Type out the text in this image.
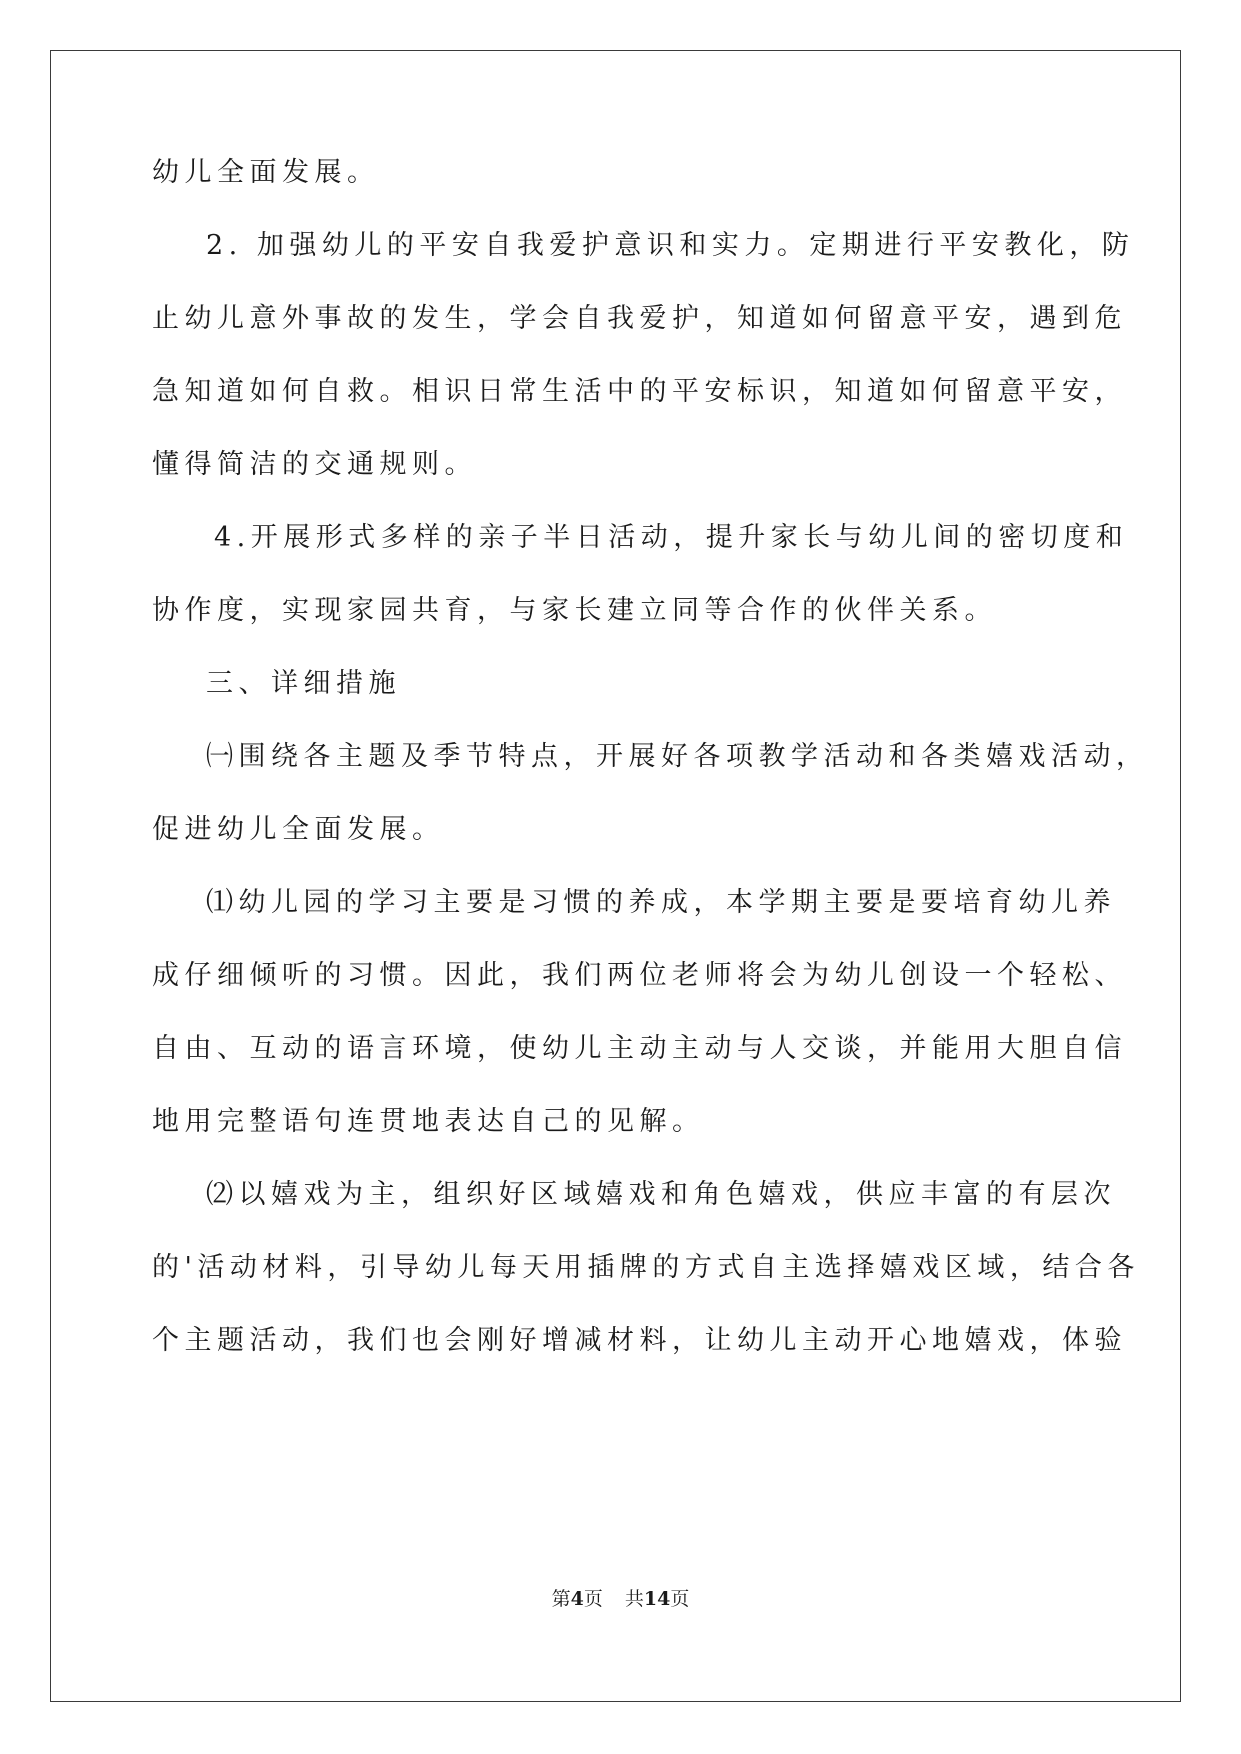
幼儿全面发展。
2. 加强幼儿的平安自我爱护意识和实力。定期进行平安教化，防
止幼儿意外事故的发生，学会自我爱护，知道如何留意平安，遇到危
急知道如何自救。相识日常生活中的平安标识，知道如何留意平安，
懂得简洁的交通规则。
4.开展形式多样的亲子半日活动，提升家长与幼儿间的密切度和
协作度，实现家园共育，与家长建立同等合作的伙伴关系。
三、详细措施
㈠围绕各主题及季节特点，开展好各项教学活动和各类嬉戏活动，
促进幼儿全面发展。
⑴幼儿园的学习主要是习惯的养成，本学期主要是要培育幼儿养
成仔细倾听的习惯。因此，我们两位老师将会为幼儿创设一个轻松、
自由、互动的语言环境，使幼儿主动主动与人交谈，并能用大胆自信
地用完整语句连贯地表达自己的见解。
⑵以嬉戏为主，组织好区域嬉戏和角色嬉戏，供应丰富的有层次
的'活动材料，引导幼儿每天用插牌的方式自主选择嬉戏区域，结合各
个主题活动，我们也会刚好增减材料，让幼儿主动开心地嬉戏，体验
第4页 共14页
